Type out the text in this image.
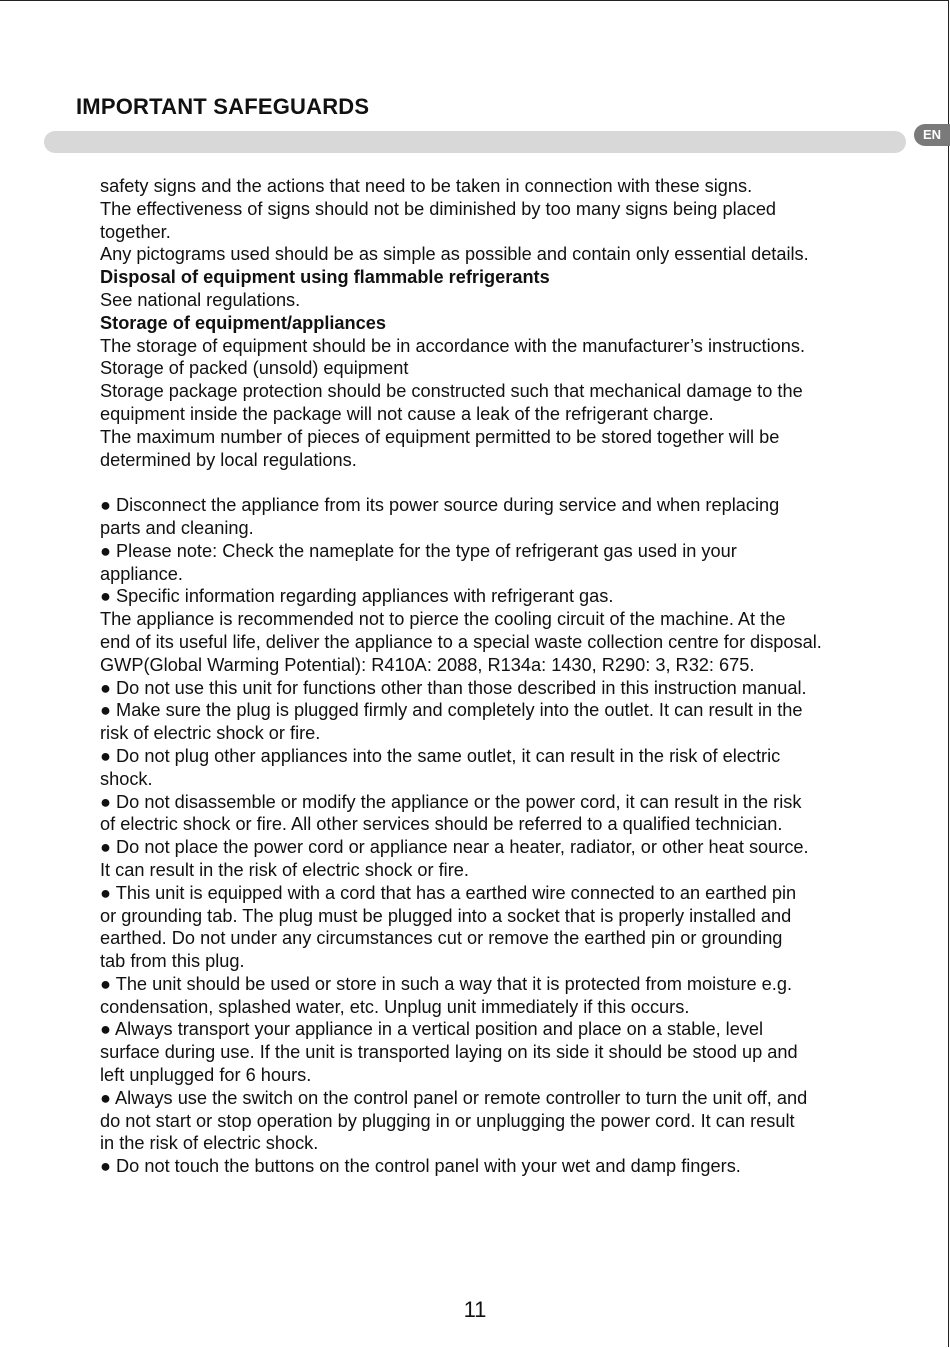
IMPORTANT SAFEGUARDS
EN
safety signs and the actions that need to be taken in connection with these signs.
The effectiveness of signs should not be diminished by too many signs being placed
together.
Any pictograms used should be as simple as possible and contain only essential details.
Disposal of equipment using flammable refrigerants
See national regulations.
Storage of equipment/appliances
The storage of equipment should be in accordance with the manufacturer’s instructions.
Storage of packed (unsold) equipment
Storage package protection should be constructed such that mechanical damage to the
equipment inside the package will not cause a leak of the refrigerant charge.
The maximum number of pieces of equipment permitted to be stored together will be
determined by local regulations.
● Disconnect the appliance from its power source during service and when replacing
parts and cleaning.
● Please note: Check the nameplate for the type of refrigerant gas used in your
appliance.
● Specific information regarding appliances with refrigerant gas.
The appliance is recommended not to pierce the cooling circuit of the machine. At the
end of its useful life, deliver the appliance to a special waste collection centre for disposal.
GWP(Global Warming Potential): R410A: 2088, R134a: 1430, R290: 3, R32: 675.
● Do not use this unit for functions other than those described in this instruction manual.
● Make sure the plug is plugged firmly and completely into the outlet. It can result in the
risk of electric shock or fire.
● Do not plug other appliances into the same outlet, it can result in the risk of electric
shock.
● Do not disassemble or modify the appliance or the power cord, it can result in the risk
of electric shock or fire. All other services should be referred to a qualified technician.
● Do not place the power cord or appliance near a heater, radiator, or other heat source.
It can result in the risk of electric shock or fire.
● This unit is equipped with a cord that has a earthed wire connected to an earthed pin
or grounding tab. The plug must be plugged into a socket that is properly installed and
earthed. Do not under any circumstances cut or remove the earthed pin or grounding
tab from this plug.
● The unit should be used or store in such a way that it is protected from moisture e.g.
condensation, splashed water, etc. Unplug unit immediately if this occurs.
● Always transport your appliance in a vertical position and place on a stable, level
surface during use. If the unit is transported laying on its side it should be stood up and
left unplugged for 6 hours.
● Always use the switch on the control panel or remote controller to turn the unit off, and
do not start or stop operation by plugging in or unplugging the power cord. It can result
in the risk of electric shock.
● Do not touch the buttons on the control panel with your wet and damp fingers.
11
